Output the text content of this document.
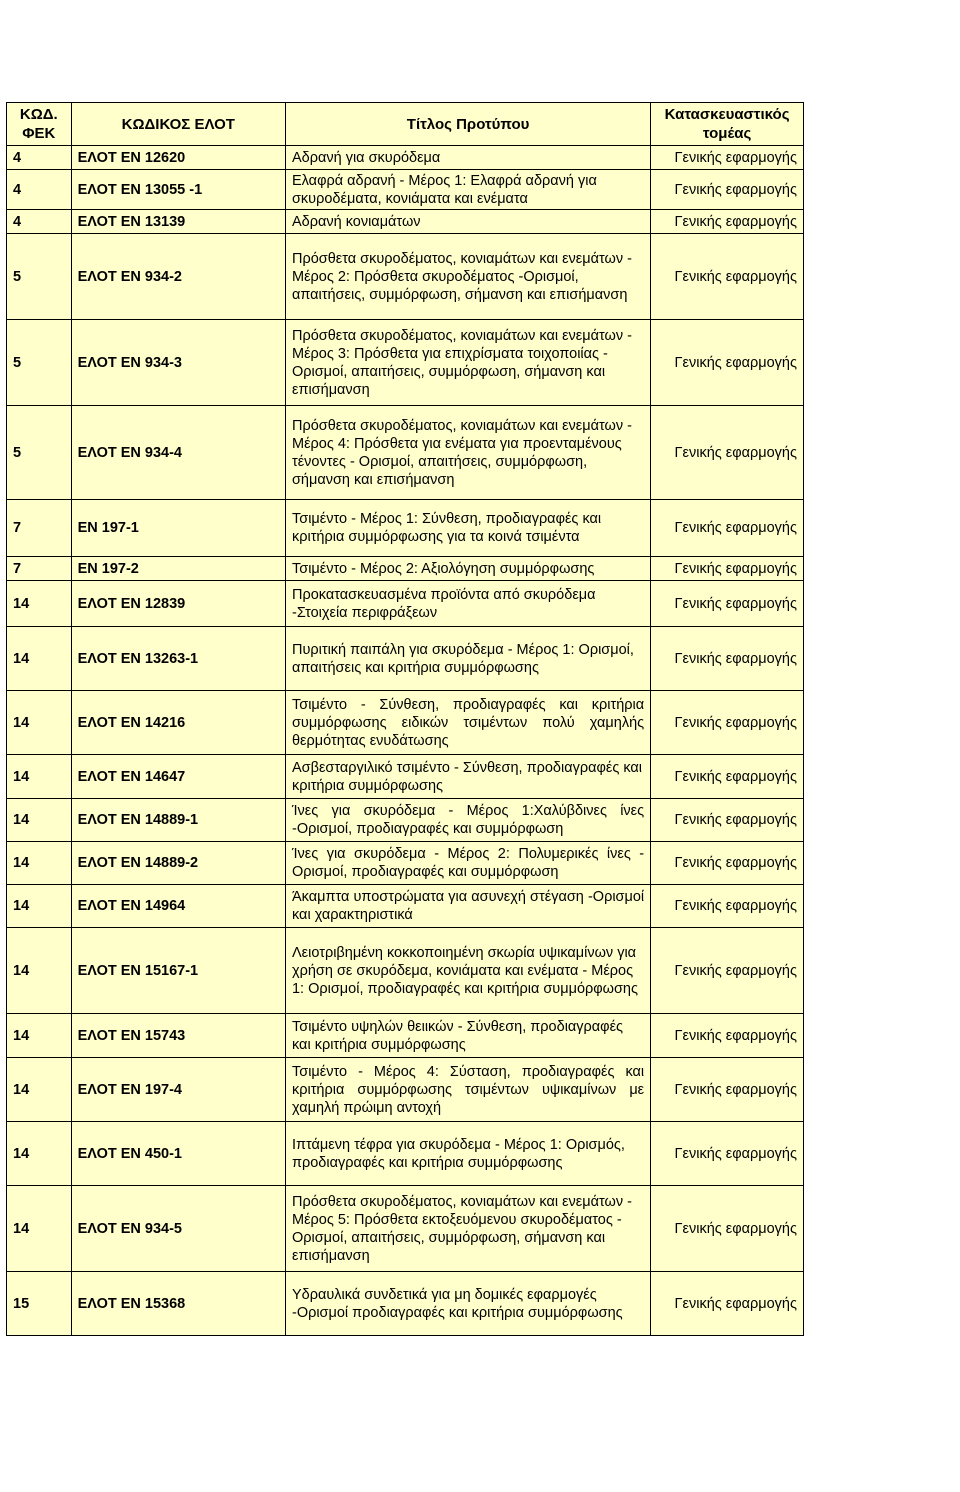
ΚΩΔ. ΦΕΚ	ΚΩΔΙΚΟΣ ΕΛΟΤ	Τίτλος Προτύπου	Κατασκευαστικός τομέας
4	ΕΛΟΤ ΕΝ 12620	Αδρανή για σκυρόδεμα	Γενικής εφαρμογής
4	ΕΛΟΤ ΕΝ 13055 -1	Ελαφρά αδρανή - Μέρος 1: Ελαφρά αδρανή για σκυροδέματα, κονιάματα και ενέματα	Γενικής εφαρμογής
4	ΕΛΟΤ ΕΝ 13139	Αδρανή κονιαμάτων	Γενικής εφαρμογής
5	ΕΛΟΤ ΕΝ 934-2	Πρόσθετα σκυροδέματος, κονιαμάτων και ενεμάτων - Μέρος 2: Πρόσθετα σκυροδέματος -Ορισμοί, απαιτήσεις, συμμόρφωση, σήμανση και επισήμανση	Γενικής εφαρμογής
5	ΕΛΟΤ ΕΝ 934-3	Πρόσθετα σκυροδέματος, κονιαμάτων και ενεμάτων - Μέρος 3: Πρόσθετα για επιχρίσματα τοιχοποιίας - Ορισμοί, απαιτήσεις, συμμόρφωση, σήμανση και επισήμανση	Γενικής εφαρμογής
5	ΕΛΟΤ ΕΝ 934-4	Πρόσθετα σκυροδέματος, κονιαμάτων και ενεμάτων - Μέρος 4: Πρόσθετα για ενέματα για προενταμένους τένοντες - Ορισμοί, απαιτήσεις, συμμόρφωση, σήμανση και επισήμανση	Γενικής εφαρμογής
7	ΕΝ 197-1	Τσιμέντο - Μέρος 1: Σύνθεση, προδιαγραφές και κριτήρια συμμόρφωσης για τα κοινά τσιμέντα	Γενικής εφαρμογής
7	ΕΝ 197-2	Τσιμέντο - Μέρος 2: Αξιολόγηση συμμόρφωσης	Γενικής εφαρμογής
14	ΕΛΟΤ ΕΝ 12839	Προκατασκευασμένα προϊόντα από σκυρόδεμα -Στοιχεία περιφράξεων	Γενικής εφαρμογής
14	ΕΛΟΤ ΕΝ 13263-1	Πυριτική παιπάλη για σκυρόδεμα - Μέρος 1: Ορισμοί, απαιτήσεις και κριτήρια συμμόρφωσης	Γενικής εφαρμογής
14	ΕΛΟΤ ΕΝ 14216	Τσιμέντο - Σύνθεση, προδιαγραφές και κριτήρια συμμόρφωσης ειδικών τσιμέντων πολύ χαμηλής θερμότητας ενυδάτωσης	Γενικής εφαρμογής
14	ΕΛΟΤ ΕΝ 14647	Ασβεσταργιλικό τσιμέντο - Σύνθεση, προδιαγραφές και κριτήρια συμμόρφωσης	Γενικής εφαρμογής
14	ΕΛΟΤ ΕΝ 14889-1	Ίνες για σκυρόδεμα - Μέρος 1:Χαλύβδινες ίνες -Ορισμοί, προδιαγραφές και συμμόρφωση	Γενικής εφαρμογής
14	ΕΛΟΤ ΕΝ 14889-2	Ίνες για σκυρόδεμα - Μέρος 2: Πολυμερικές ίνες - Ορισμοί, προδιαγραφές και συμμόρφωση	Γενικής εφαρμογής
14	ΕΛΟΤ ΕΝ 14964	Άκαμπτα υποστρώματα για ασυνεχή στέγαση -Ορισμοί και χαρακτηριστικά	Γενικής εφαρμογής
14	ΕΛΟΤ ΕΝ 15167-1	Λειοτριβημένη κοκκοποιημένη σκωρία υψικαμίνων για χρήση σε σκυρόδεμα, κονιάματα και ενέματα - Μέρος 1: Ορισμοί, προδιαγραφές και κριτήρια συμμόρφωσης	Γενικής εφαρμογής
14	ΕΛΟΤ ΕΝ 15743	Τσιμέντο υψηλών θειικών - Σύνθεση, προδιαγραφές και κριτήρια συμμόρφωσης	Γενικής εφαρμογής
14	ΕΛΟΤ ΕΝ 197-4	Τσιμέντο - Μέρος 4: Σύσταση, προδιαγραφές και κριτήρια συμμόρφωσης τσιμέντων υψικαμίνων με χαμηλή πρώιμη αντοχή	Γενικής εφαρμογής
14	ΕΛΟΤ ΕΝ 450-1	Ιπτάμενη τέφρα για σκυρόδεμα - Μέρος 1: Ορισμός, προδιαγραφές και κριτήρια συμμόρφωσης	Γενικής εφαρμογής
14	ΕΛΟΤ ΕΝ 934-5	Πρόσθετα σκυροδέματος, κονιαμάτων και ενεμάτων - Μέρος 5: Πρόσθετα εκτοξευόμενου σκυροδέματος - Ορισμοί, απαιτήσεις, συμμόρφωση, σήμανση και επισήμανση	Γενικής εφαρμογής
15	ΕΛΟΤ ΕΝ 15368	Υδραυλικά συνδετικά για μη δομικές εφαρμογές -Ορισμοί προδιαγραφές και κριτήρια συμμόρφωσης	Γενικής εφαρμογής
